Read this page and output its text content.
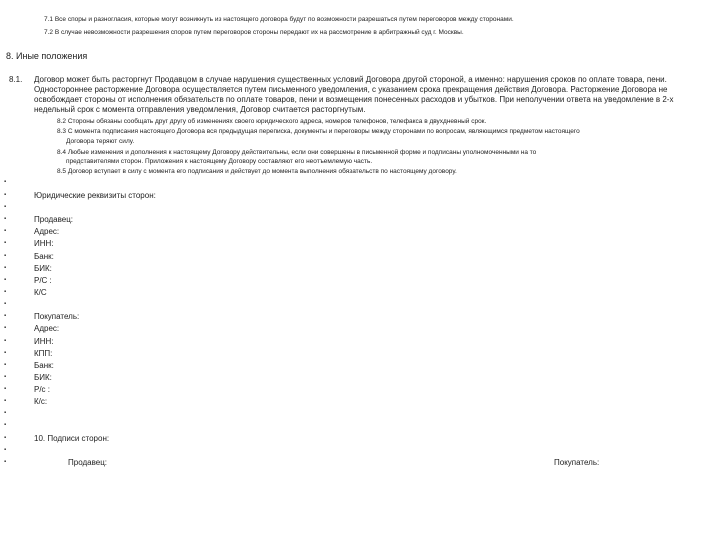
7.1 Все споры и разногласия, которые могут возникнуть из настоящего договора будут по возможности разрешаться путем переговоров между сторонами.
7.2 В случае невозможности разрешения споров путем переговоров стороны передают их на рассмотрение в арбитражный суд г. Москвы.
8. Иные положения
8.1. Договор может быть расторгнут Продавцом в случае нарушения существенных условий Договора другой стороной, а именно: нарушения сроков по оплате товара, пени. Одностороннее расторжение Договора осуществляется путем письменного уведомления, с указанием срока прекращения действия Договора. Расторжение Договора не освобождает стороны от исполнения обязательств по оплате товаров, пени и возмещения понесенных расходов и убытков. При неполучении ответа на уведомление в 2-х недельный срок с момента отправления уведомления, Договор считается расторгнутым.
8.2 Стороны обязаны сообщать друг другу об изменениях своего юридического адреса, номеров телефонов, телефакса в двухдневный срок.
8.3 С момента подписания настоящего Договора вся предыдущая переписка, документы и переговоры между сторонами по вопросам, являющимся предметом настоящего
Договора теряют силу.
8.4 Любые изменения и дополнения к настоящему Договору действительны, если они совершены в письменной форме и подписаны уполномоченными на то
представителями сторон. Приложения к настоящему Договору составляют его неотъемлемую часть.
8.5 Договор вступает в силу с момента его подписания и действует до момента выполнения обязательств по настоящему договору.
▪
▪
Юридические реквизиты сторон:
▪
▪
Продавец:
▪
Адрес:
▪
ИНН:
▪
Банк:
▪
БИК:
▪
Р/С :
▪
К/С
▪
▪
Покупатель:
▪
Адрес:
▪
ИНН:
▪
КПП:
▪
Банк:
▪
БИК:
▪
Р/с :
▪
К/с:
▪
▪
▪
10. Подписи сторон:
▪
▪
Продавец:	Покупатель:
